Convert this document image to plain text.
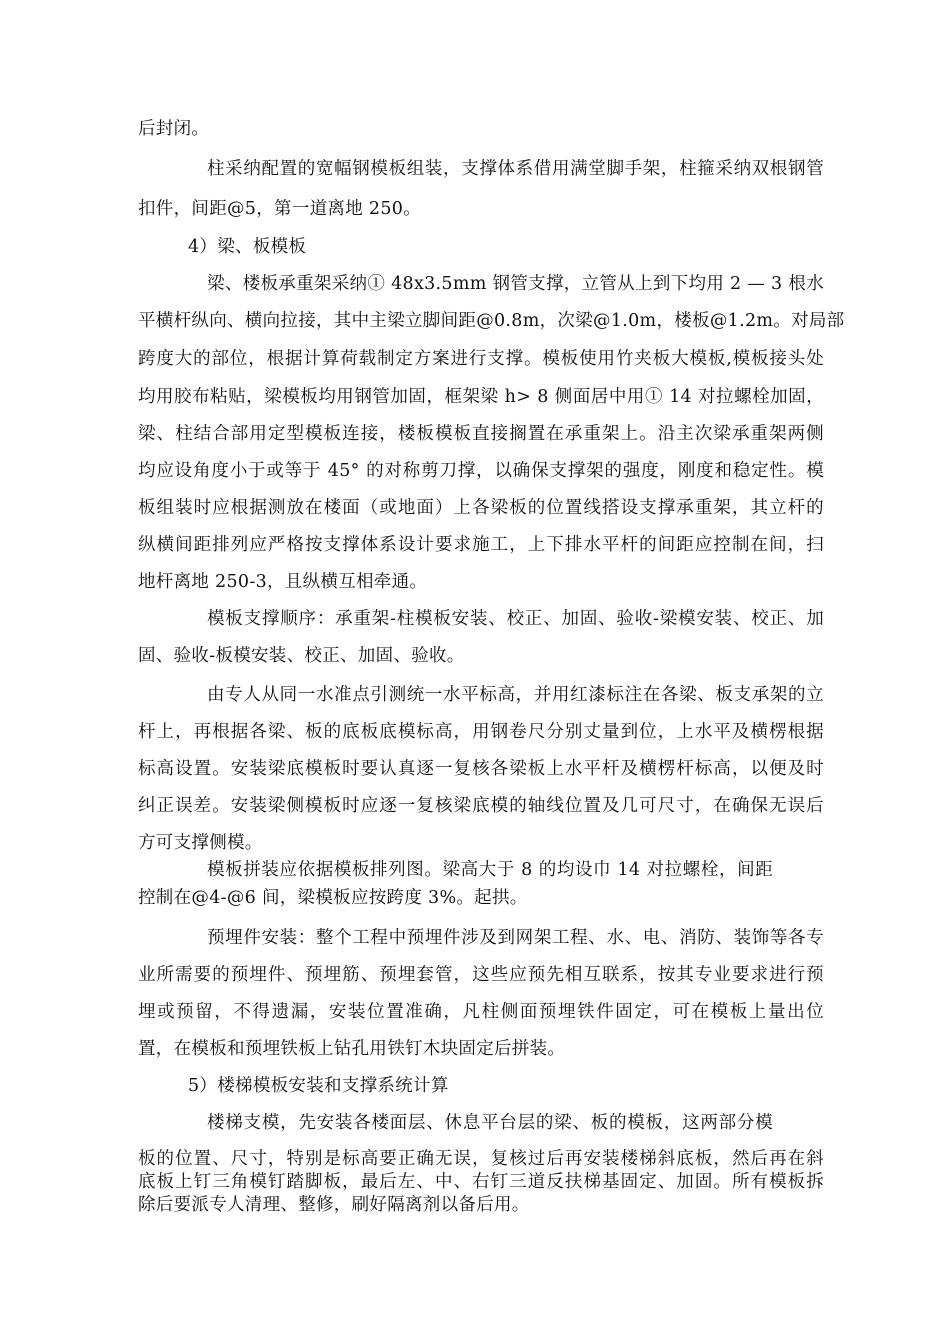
后封闭。
柱采纳配置的宽幅钢模板组装，支撑体系借用满堂脚手架，柱箍采纳双根钢管
扣件，间距@5，第一道离地 250。
4）梁、板模板
梁、楼板承重架采纳① 48x3.5mm 钢管支撑，立管从上到下均用 2 — 3 根水
平横杆纵向、横向拉接，其中主梁立脚间距@0.8m，次梁@1.0m，楼板@1.2m。对局部
跨度大的部位，根据计算荷载制定方案进行支撑。模板使用竹夹板大模板,模板接头处
均用胶布粘贴，梁模板均用钢管加固，框架梁 h> 8 侧面居中用① 14 对拉螺栓加固，
梁、柱结合部用定型模板连接，楼板模板直接搁置在承重架上。沿主次梁承重架两侧
均应设角度小于或等于 45° 的对称剪刀撑，以确保支撑架的强度，刚度和稳定性。模
板组装时应根据测放在楼面（或地面）上各梁板的位置线搭设支撑承重架，其立杆的
纵横间距排列应严格按支撑体系设计要求施工，上下排水平杆的间距应控制在间，扫
地杆离地 250-3，且纵横互相牵通。
模板支撑顺序：承重架-柱模板安装、校正、加固、验收-梁模安装、校正、加
固、验收-板模安装、校正、加固、验收。
由专人从同一水准点引测统一水平标高，并用红漆标注在各梁、板支承架的立
杆上，再根据各梁、板的底板底模标高，用钢卷尺分别丈量到位，上水平及横楞根据
标高设置。安装梁底模板时要认真逐一复核各梁板上水平杆及横楞杆标高，以便及时
纠正误差。安装梁侧模板时应逐一复核梁底模的轴线位置及几可尺寸，在确保无误后
方可支撑侧模。
模板拼装应依据模板排列图。梁高大于 8 的均设巾 14 对拉螺栓，间距
控制在@4-@6 间，梁模板应按跨度 3%。起拱。
预埋件安装：整个工程中预埋件涉及到网架工程、水、电、消防、装饰等各专
业所需要的预埋件、预埋筋、预埋套管，这些应预先相互联系，按其专业要求进行预
埋或预留，不得遗漏，安装位置准确，凡柱侧面预埋铁件固定，可在模板上量出位
置，在模板和预埋铁板上钻孔用铁钉木块固定后拼装。
5）楼梯模板安装和支撑系统计算
楼梯支模，先安装各楼面层、休息平台层的梁、板的模板，这两部分模
板的位置、尺寸，特别是标高要正确无误，复核过后再安装楼梯斜底板，然后再在斜
底板上钉三角模钉踏脚板，最后左、中、右钉三道反扶梯基固定、加固。所有模板拆
除后要派专人清理、整修，刷好隔离剂以备后用。
